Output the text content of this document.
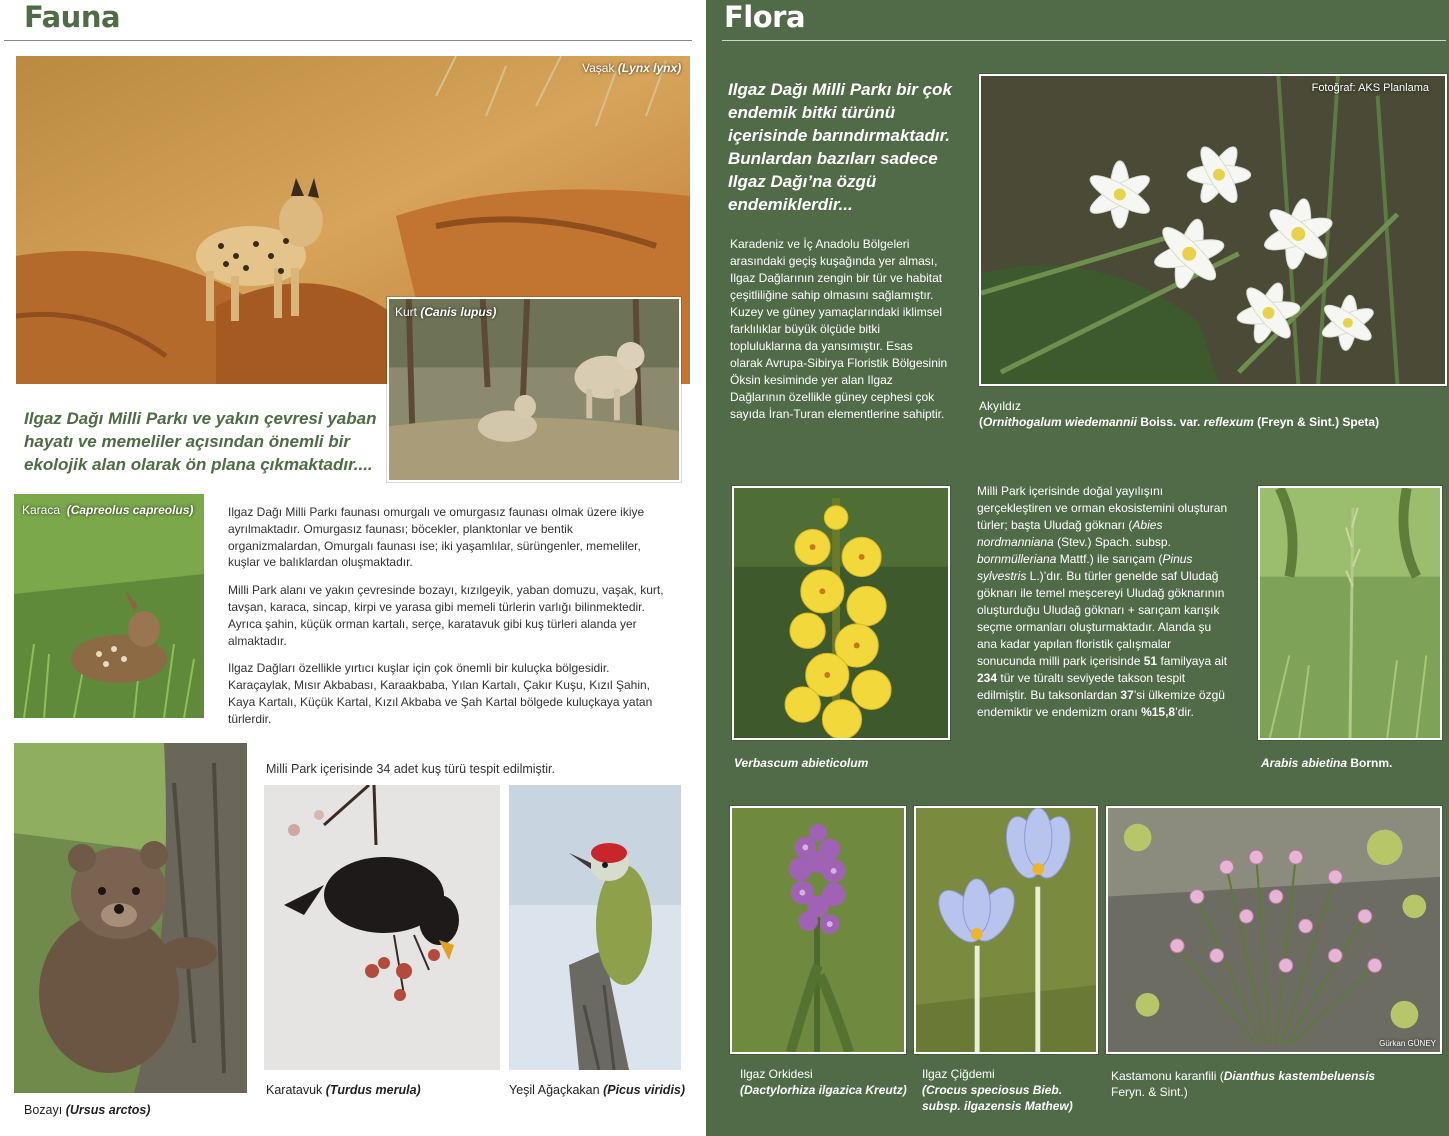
Fauna
Vaşak (Lynx lynx)
Kurt (Canis lupus)
Ilgaz Dağı Milli Parkı ve yakın çevresi yaban hayatı ve memeliler açısından önemli bir ekolojik alan olarak ön plana çıkmaktadır....
Karaca (Capreolus capreolus)	Ilgaz Dağı Milli Parkı faunası omurgalı ve omurgasız faunası olmak üzere ikiye ayrılmaktadır. Omurgasız faunası; böcekler, planktonlar ve bentik organizmalardan, Omurgalı faunası ise; iki yaşamlılar, sürüngenler, memeliler, kuşlar ve balıklardan oluşmaktadır.

Milli Park alanı ve yakın çevresinde bozayı, kızılgeyik, yaban domuzu, vaşak, kurt, tavşan, karaca, sincap, kirpi ve yarasa gibi memeli türlerin varlığı bilinmektedir. Ayrıca şahin, küçük orman kartalı, serçe, karatavuk gibi kuş türleri alanda yer almaktadır.

Ilgaz Dağları özellikle yırtıcı kuşlar için çok önemli bir kuluçka bölgesidir. Karaçaylak, Mısır Akbabası, Karaakbaba, Yılan Kartalı, Çakır Kuşu, Kızıl Şahin, Kaya Kartalı, Küçük Kartal, Kızıl Akbaba ve Şah Kartal bölgede kuluçkaya yatan türlerdir.

Bozayı (Ursus arctos)
Milli Park içerisinde 34 adet kuş türü tespit edilmiştir.
Karatavuk (Turdus merula)	Yeşil Ağaçkakan (Picus viridis)
Flora
Ilgaz Dağı Milli Parkı bir çok endemik bitki türünü içerisinde barındırmaktadır. Bunlardan bazıları sadece Ilgaz Dağı’na özgü endemiklerdir...
Karadeniz ve İç Anadolu Bölgeleri arasındaki geçiş kuşağında yer alması, Ilgaz Dağlarının zengin bir tür ve habitat çeşitliliğine sahip olmasını sağlamıştır. Kuzey ve güney yamaçlarındaki iklimsel farklılıklar büyük ölçüde bitki topluluklarına da yansımıştır. Esas olarak Avrupa-Sibirya Floristik Bölgesinin Öksin kesiminde yer alan Ilgaz Dağlarının özellikle güney cephesi çok sayıda İran-Turan elementlerine sahiptir.
Fotoğraf: AKS Planlama
Akyıldız
(Ornithogalum wiedemannii Boiss. var. reflexum (Freyn & Sint.) Speta)
Verbascum abieticolum
Milli Park içerisinde doğal yayılışını gerçekleştiren ve orman ekosistemini oluşturan türler; başta Uludağ göknarı (Abies nordmanniana (Stev.) Spach. subsp. bornmülleriana Mattf.) ile sarıçam (Pinus sylvestris L.)’dır. Bu türler genelde saf Uludağ göknarı ile temel meşcereyi Uludağ göknarının oluşturduğu Uludağ göknarı + sarıçam karışık seçme ormanları oluşturmaktadır. Alanda şu ana kadar yapılan floristik çalışmalar sonucunda milli park içerisinde 51 familyaya ait 234 tür ve türaltı seviyede takson tespit edilmiştir. Bu taksonlardan 37’si ülkemize özgü endemiktir ve endemizm oranı %15,8’dir.
Arabis abietina Bornm.
Ilgaz Orkidesi
(Dactylorhiza ilgazica Kreutz)
Ilgaz Çiğdemi
(Crocus speciosus Bieb.
subsp. ilgazensis Mathew)
Gürkan GÜNEY
Kastamonu karanfili (Dianthus kastembeluensis
Feryn. & Sint.)
